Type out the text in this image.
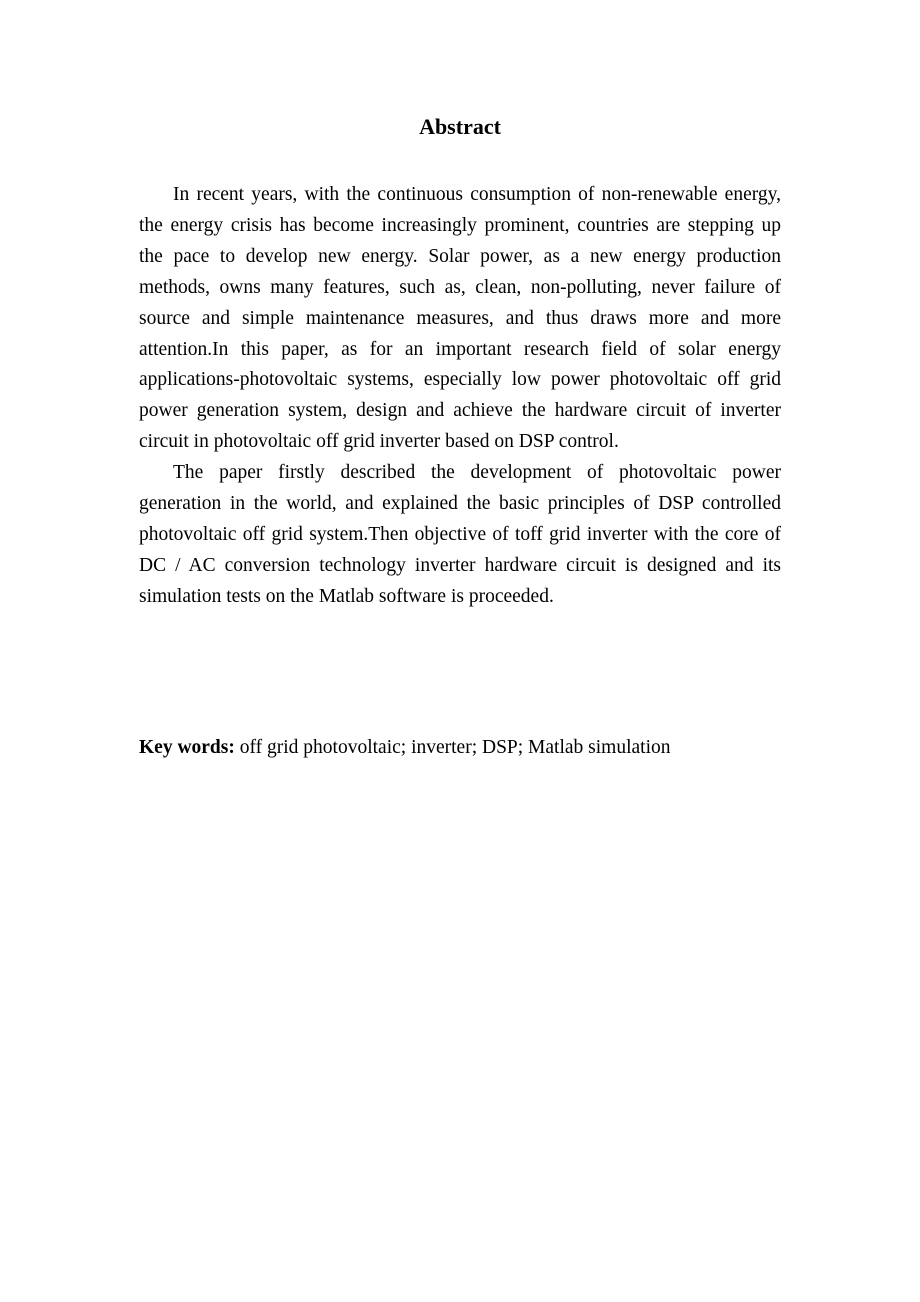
Abstract

In recent years, with the continuous consumption of non-renewable energy, the energy crisis has become increasingly prominent, countries are stepping up the pace to develop new energy. Solar power, as a new energy production methods, owns many features, such as, clean, non-polluting, never failure of source and simple maintenance measures, and thus draws more and more attention.In this paper, as for an important research field of solar energy applications-photovoltaic systems, especially low power photovoltaic off grid power generation system, design and achieve the hardware circuit of inverter circuit in photovoltaic off grid inverter based on DSP control.

The paper firstly described the development of photovoltaic power generation in the world, and explained the basic principles of DSP controlled photovoltaic off grid system.Then objective of toff grid inverter with the core of DC / AC conversion technology inverter hardware circuit is designed and its simulation tests on the Matlab software is proceeded.

Key words: off grid photovoltaic; inverter; DSP; Matlab simulation
